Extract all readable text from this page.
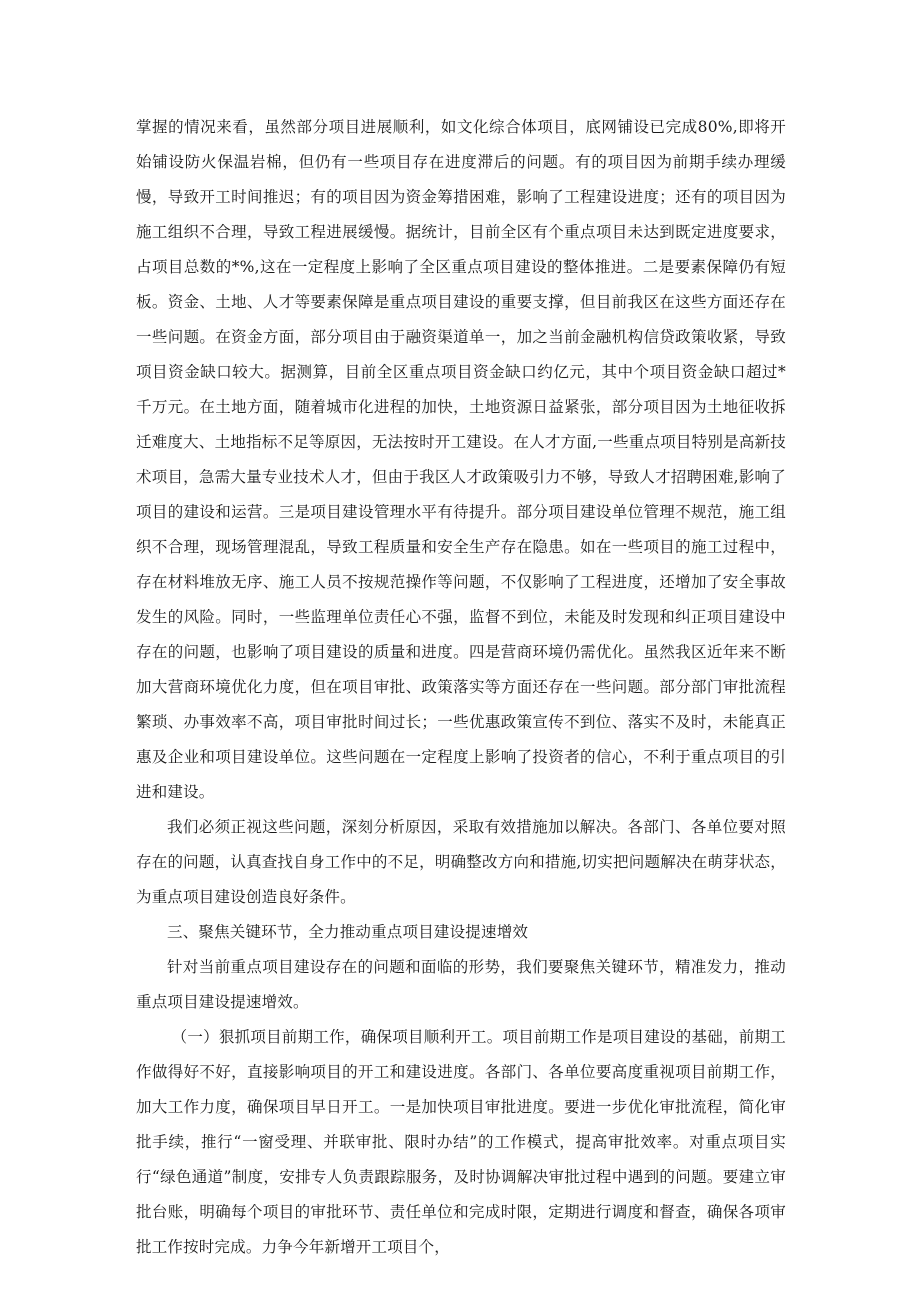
掌握的情况来看，虽然部分项目进展顺利，如文化综合体项目，底网铺设已完成80%,即将开始铺设防火保温岩棉，但仍有一些项目存在进度滞后的问题。有的项目因为前期手续办理缓慢，导致开工时间推迟；有的项目因为资金筹措困难，影响了工程建设进度；还有的项目因为施工组织不合理，导致工程进展缓慢。据统计，目前全区有个重点项目未达到既定进度要求，占项目总数的*%,这在一定程度上影响了全区重点项目建设的整体推进。二是要素保障仍有短板。资金、土地、人才等要素保障是重点项目建设的重要支撑，但目前我区在这些方面还存在一些问题。在资金方面，部分项目由于融资渠道单一，加之当前金融机构信贷政策收紧，导致项目资金缺口较大。据测算，目前全区重点项目资金缺口约亿元，其中个项目资金缺口超过*千万元。在土地方面，随着城市化进程的加快，土地资源日益紧张，部分项目因为土地征收拆迁难度大、土地指标不足等原因，无法按时开工建设。在人才方面,一些重点项目特别是高新技术项目，急需大量专业技术人才，但由于我区人才政策吸引力不够，导致人才招聘困难,影响了项目的建设和运营。三是项目建设管理水平有待提升。部分项目建设单位管理不规范，施工组织不合理，现场管理混乱，导致工程质量和安全生产存在隐患。如在一些项目的施工过程中，存在材料堆放无序、施工人员不按规范操作等问题，不仅影响了工程进度，还增加了安全事故发生的风险。同时，一些监理单位责任心不强，监督不到位，未能及时发现和纠正项目建设中存在的问题，也影响了项目建设的质量和进度。四是营商环境仍需优化。虽然我区近年来不断加大营商环境优化力度，但在项目审批、政策落实等方面还存在一些问题。部分部门审批流程繁琐、办事效率不高，项目审批时间过长；一些优惠政策宣传不到位、落实不及时，未能真正惠及企业和项目建设单位。这些问题在一定程度上影响了投资者的信心，不利于重点项目的引进和建设。

我们必须正视这些问题，深刻分析原因，采取有效措施加以解决。各部门、各单位要对照存在的问题，认真查找自身工作中的不足，明确整改方向和措施,切实把问题解决在萌芽状态，为重点项目建设创造良好条件。

三、聚焦关键环节，全力推动重点项目建设提速增效

针对当前重点项目建设存在的问题和面临的形势，我们要聚焦关键环节，精准发力，推动重点项目建设提速增效。

（一）狠抓项目前期工作，确保项目顺利开工。项目前期工作是项目建设的基础，前期工作做得好不好，直接影响项目的开工和建设进度。各部门、各单位要高度重视项目前期工作，加大工作力度，确保项目早日开工。一是加快项目审批进度。要进一步优化审批流程，简化审批手续，推行“一窗受理、并联审批、限时办结”的工作模式，提高审批效率。对重点项目实行“绿色通道”制度，安排专人负责跟踪服务，及时协调解决审批过程中遇到的问题。要建立审批台账，明确每个项目的审批环节、责任单位和完成时限，定期进行调度和督查，确保各项审批工作按时完成。力争今年新增开工项目个，
